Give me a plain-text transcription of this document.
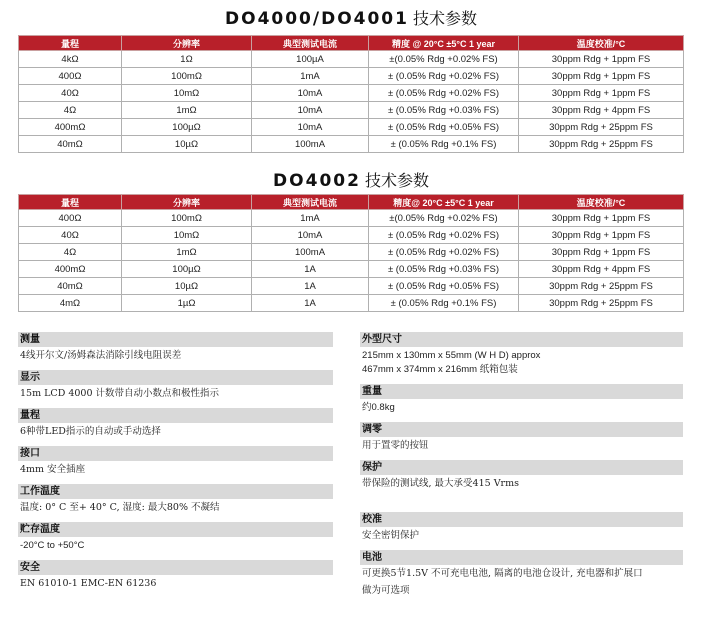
DO4000/DO4001 技术参数
量程	分辨率	典型测试电流	精度 @ 20°C ±5°C 1 year	温度校准/°C
4kΩ	1Ω	100µA	±(0.05% Rdg +0.02% FS)	30ppm Rdg + 1ppm FS
400Ω	100mΩ	1mA	± (0.05% Rdg +0.02% FS)	30ppm Rdg + 1ppm FS
40Ω	10mΩ	10mA	± (0.05% Rdg +0.02% FS)	30ppm Rdg + 1ppm FS
4Ω	1mΩ	10mA	± (0.05% Rdg +0.03% FS)	30ppm Rdg + 4ppm FS
400mΩ	100µΩ	10mA	± (0.05% Rdg +0.05% FS)	30ppm Rdg + 25ppm FS
40mΩ	10µΩ	100mA	± (0.05% Rdg +0.1% FS)	30ppm Rdg + 25ppm FS
DO4002 技术参数
量程	分辨率	典型测试电流	精度@ 20°C ±5°C 1 year	温度校准/°C
400Ω	100mΩ	1mA	±(0.05% Rdg +0.02% FS)	30ppm Rdg + 1ppm FS
40Ω	10mΩ	10mA	± (0.05% Rdg +0.02% FS)	30ppm Rdg + 1ppm FS
4Ω	1mΩ	100mA	± (0.05% Rdg +0.02% FS)	30ppm Rdg + 1ppm FS
400mΩ	100µΩ	1A	± (0.05% Rdg +0.03% FS)	30ppm Rdg + 4ppm FS
40mΩ	10µΩ	1A	± (0.05% Rdg +0.05% FS)	30ppm Rdg + 25ppm FS
4mΩ	1µΩ	1A	± (0.05% Rdg +0.1% FS)	30ppm Rdg + 25ppm FS
测量
4线开尔文/汤姆森法消除引线电阻误差
显示
15m LCD 4000 计数带自动小数点和极性指示
量程
6种带LED指示的自动或手动选择
接口
4mm 安全插座
工作温度
温度: 0° C 至+ 40° C, 湿度: 最大80% 不凝结
贮存温度
-20°C to +50°C
安全
EN 61010-1 EMC-EN 61236
外型尺寸
215mm x 130mm x 55mm (W H D) approx
467mm x 374mm x 216mm 纸箱包装
重量
约0.8kg
调零
用于置零的按钮
保护
带保险的测试线, 最大承受415 Vrms
校准
安全密钥保护
电池
可更换5节1.5V 不可充电电池, 隔离的电池仓设计, 充电器和扩展口
做为可选项
